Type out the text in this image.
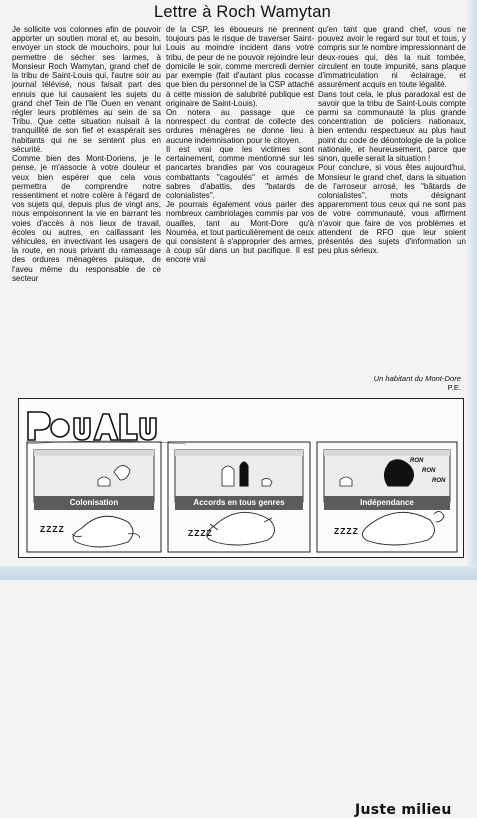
Lettre à Roch Wamytan

Je sollicite vos colonnes afin de pouvoir apporter un soutien moral et, au besoin, envoyer un stock de mouchoirs, pour lui permettre de sécher ses larmes, à Monsieur Roch Wamytan, grand chef de la tribu de Saint-Louis qui, l'autre soir au journal télévisé, nous faisait part des ennuis que lui causaient les sujets du grand chef Tein de l'île Ouen en venant régler leurs problèmes au sein de sa Tribu. Que cette situation nuisait à la tranquillité de son fief et exaspérait ses habitants qui ne se sentent plus en sécurité.

Comme bien des Mont-Doriens, je le pense, je m'associe à votre douleur et veux bien espérer que cela vous permettra de comprendre notre ressentiment et notre colère à l'égard de vos sujets qui, depuis plus de vingt ans, nous empoisonnent la vie en barrant les voies d'accès à nos lieux de travail, écoles ou autres, en caillassant les véhicules, en invectivant les usagers de la route, en nous privant du ramassage des ordures ménagères puisque, de l'aveu même du responsable de ce secteur

de la CSP, les éboueurs ne prennent toujours pas le risque de traverser Saint-Louis au moindre incident dans votre tribu, de peur de ne pouvoir rejoindre leur domicile le soir, comme mercredi dernier par exemple (fait d'autant plus cocasse que bien du personnel de la CSP attaché à cette mission de salubrité publique est originaire de Saint-Louis).

On notera au passage que ce nonrespect du contrat de collecte des ordures ménagères ne donne lieu à aucune indemnisation pour le citoyen.

Il est vrai que les victimes sont certainement, comme mentionné sur les pancartes brandies par vos courageux combattants "cagoulés" et armés de sabres d'abattis, des "batards de colonialistes".

Je pourrais également vous parler des nombreux cambriolages commis par vos ouailles, tant au Mont-Dore qu'à Nouméa, et tout particulièrement de ceux qui consistent à s'approprier des armes, à coup sûr dans un but pacifique. Il est encore vrai

qu'en tant que grand chef, vous ne pouvez avoir le regard sur tout et tous, y compris sur le nombre impressionnant de deux-roues qui, dès la nuit tombée, circulent en toute impunité, sans plaque d'immatriculation ni éclairage, et assurément acquis en toute légalité.

Dans tout cela, le plus paradoxal est de savoir que la tribu de Saint-Louis compte parmi sa communauté la plus grande concentration de policiers nationaux, bien entendu respectueux au plus haut point du code de déontologie de la police nationale, et heureusement, parce que sinon, quelle serait la situation !

Pour conclure, si vous êtes aujourd'hui, Monsieur le grand chef, dans la situation de l'arroseur arrosé, les "bâtards de colonialistes", mots désignant apparemment tous ceux qui ne sont pas de votre communauté, vous affirment n'avoir que faire de vos problèmes et attendent de RFO que leur soient présentés des sujets d'information un peu plus sérieux.

Un habitant du Mont-Dore
P.E.
Juste milieu
Colonisation	Accords en tous genres	Indépendance
ZZZZ	ZZZZ	ZZZZ
RON
RON
RON
